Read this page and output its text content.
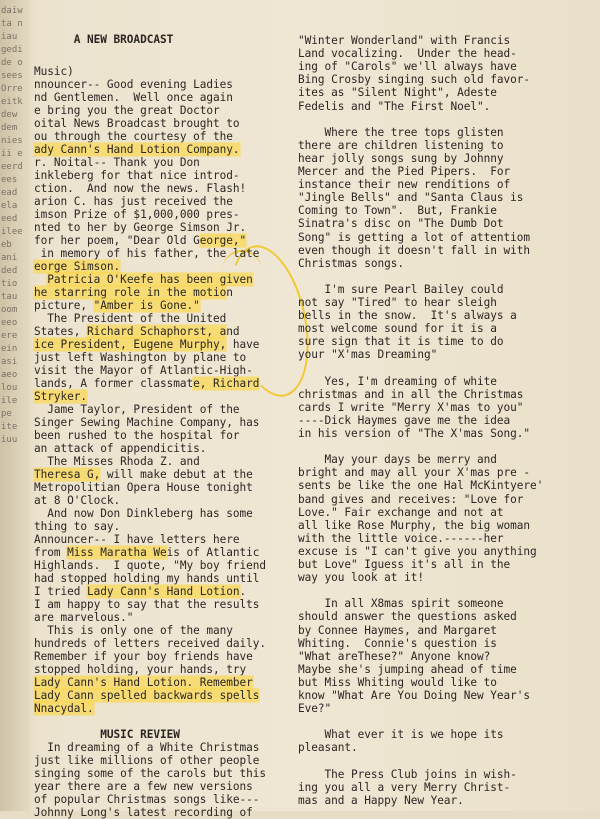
daiw
ta n
iau
gedi
de o
sees
Orre
eitk
dew
dem
nies
ii e
eerd
ees
ead
ela
eed
ilee
eb
ani
ded
tio
tau
oom
eeo
ere
ein
asi
aeo
lou
ile
pe
ite
iuu
A NEW BROADCAST
Music)
nnouncer-- Good evening Ladies
nd Gentlemen.  Well once again
e bring you the great Doctor
oital News Broadcast brought to
ou through the courtesy of the
ady Cann's Hand Lotion Company.
r. Noital-- Thank you Don
inkleberg for that nice introd-
ction.  And now the news. Flash!
arion C. has just received the
imson Prize of $1,000,000 pres-
nted to her by George Simson Jr.
for her poem, "Dear Old George,"
in memory of his father, the late
eorge Simson.
Patricia O'Keefe has been given
he starring role in the motion
picture, "Amber is Gone."
The President of the United
States, Richard Schaphorst, and
ice President, Eugene Murphy, have
just left Washington by plane to
visit the Mayor of Atlantic-High-
lands, A former classmate, Richard
Stryker.
Jame Taylor, President of the
Singer Sewing Machine Company, has
been rushed to the hospital for
an attack of appendicitis.
The Misses Rhoda Z. and
Theresa G, will make debut at the
Metropolitian Opera House tonight
at 8 O'Clock.
And now Don Dinkleberg has some
thing to say.
Announcer-- I have letters here
from Miss Maratha Weis of Atlantic
Highlands.  I quote, "My boy friend
had stopped holding my hands until
I tried Lady Cann's Hand Lotion.
I am happy to say that the results
are marvelous."
This is only one of the many
hundreds of letters received daily.
Remember if your boy friends have
stopped holding, your hands, try
Lady Cann's Hand Lotion. Remember
Lady Cann spelled backwards spells
Nnacydal.
MUSIC REVIEW
In dreaming of a White Christmas
just like millions of other people
singing some of the carols but this
year there are a few new versions
of popular Christmas songs like---
Johnny Long's latest recording of
"Winter Wonderland" with Francis
Land vocalizing.  Under the head-
ing of "Carols" we'll always have
Bing Crosby singing such old favor-
ites as "Silent Night", Adeste
Fedelis and "The First Noel".
Where the tree tops glisten
there are children listening to
hear jolly songs sung by Johnny
Mercer and the Pied Pipers.  For
instance their new renditions of
"Jingle Bells" and "Santa Claus is
Coming to Town".  But, Frankie
Sinatra's disc on "The Dumb Dot
Song" is getting a lot of attentiom
even though it doesn't fall in with
Christmas songs.
I'm sure Pearl Bailey could
not say "Tired" to hear sleigh
bells in the snow.  It's always a
most welcome sound for it is a
sure sign that it is time to do
your "X'mas Dreaming"
Yes, I'm dreaming of white
christmas and in all the Christmas
cards I write "Merry X'mas to you"
----Dick Haymes gave me the idea
in his version of "The X'mas Song."
May your days be merry and
bright and may all your X'mas pre -
sents be like the one Hal McKintyere'
band gives and receives: "Love for
Love." Fair exchange and not at
all like Rose Murphy, the big woman
with the little voice.------her
excuse is "I can't give you anything
but Love" Iguess it's all in the
way you look at it!
In all X8mas spirit someone
should answer the questions asked
by Connee Haymes, and Margaret
Whiting.  Connie's question is
"What areThese?" Anyone know?
Maybe she's jumping ahead of time
but Miss Whiting would like to
know "What Are You Doing New Year's
Eve?"
What ever it is we hope its
pleasant.
The Press Club joins in wish-
ing you all a very Merry Christ-
mas and a Happy New Year.
